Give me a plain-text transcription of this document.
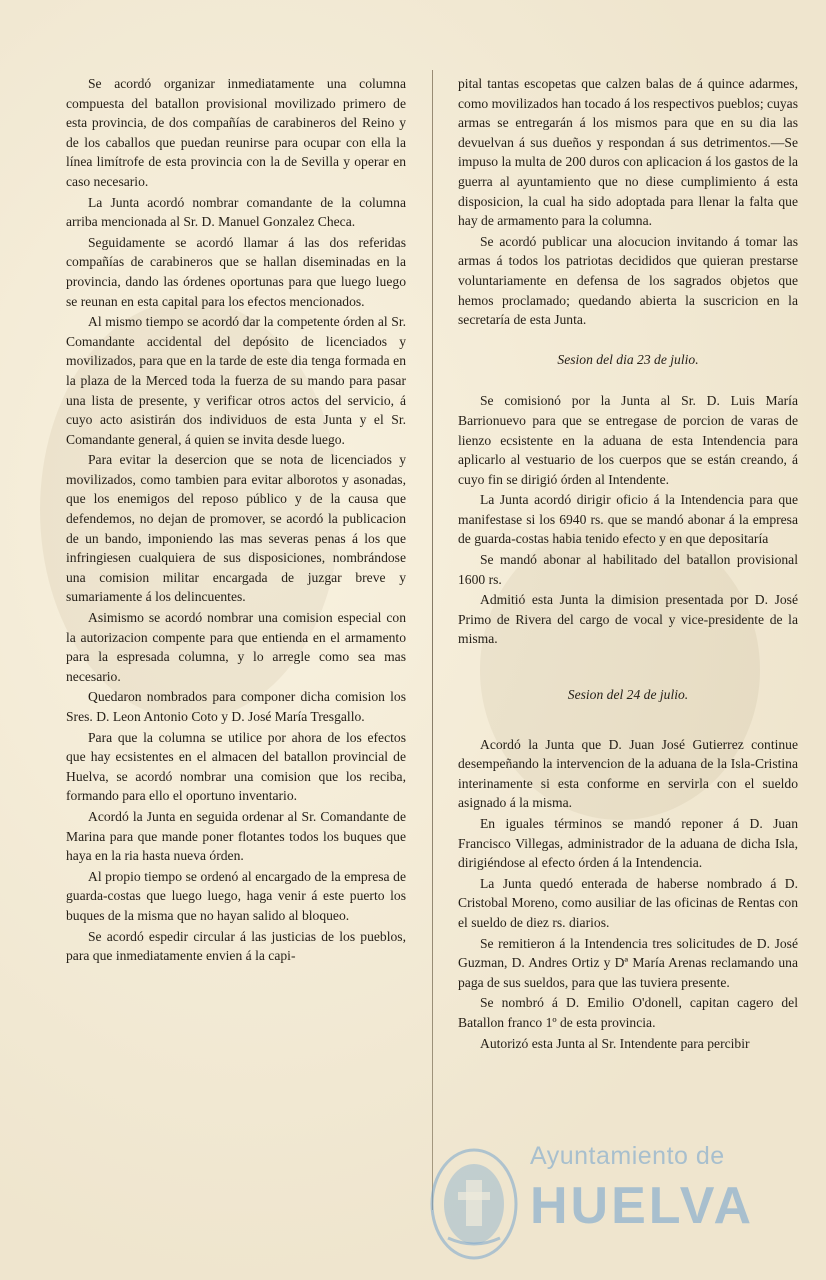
Se acordó organizar inmediatamente una columna compuesta del batallon provisional movilizado primero de esta provincia, de dos compañías de carabineros del Reino y de los caballos que puedan reunirse para ocupar con ella la línea limítrofe de esta provincia con la de Sevilla y operar en caso necesario.

La Junta acordó nombrar comandante de la columna arriba mencionada al Sr. D. Manuel Gonzalez Checa.

Seguidamente se acordó llamar á las dos referidas compañías de carabineros que se hallan diseminadas en la provincia, dando las órdenes oportunas para que luego luego se reunan en esta capital para los efectos mencionados.

Al mismo tiempo se acordó dar la competente órden al Sr. Comandante accidental del depósito de licenciados y movilizados, para que en la tarde de este dia tenga formada en la plaza de la Merced toda la fuerza de su mando para pasar una lista de presente, y verificar otros actos del servicio, á cuyo acto asistirán dos individuos de esta Junta y el Sr. Comandante general, á quien se invita desde luego.

Para evitar la desercion que se nota de licenciados y movilizados, como tambien para evitar alborotos y asonadas, que los enemigos del reposo público y de la causa que defendemos, no dejan de promover, se acordó la publicacion de un bando, imponiendo las mas severas penas á los que infringiesen cualquiera de sus disposiciones, nombrándose una comision militar encargada de juzgar breve y sumariamente á los delincuentes.

Asimismo se acordó nombrar una comision especial con la autorizacion compente para que entienda en el armamento para la espresada columna, y lo arregle como sea mas necesario.

Quedaron nombrados para componer dicha comision los Sres. D. Leon Antonio Coto y D. José María Tresgallo.

Para que la columna se utilice por ahora de los efectos que hay ecsistentes en el almacen del batallon provincial de Huelva, se acordó nombrar una comision que los reciba, formando para ello el oportuno inventario.

Acordó la Junta en seguida ordenar al Sr. Comandante de Marina para que mande poner flotantes todos los buques que haya en la ria hasta nueva órden.

Al propio tiempo se ordenó al encargado de la empresa de guarda-costas que luego luego, haga venir á este puerto los buques de la misma que no hayan salido al bloqueo.

Se acordó espedir circular á las justicias de los pueblos, para que inmediatamente envien á la capi-

pital tantas escopetas que calzen balas de á quince adarmes, como movilizados han tocado á los respectivos pueblos; cuyas armas se entregarán á los mismos para que en su dia las devuelvan á sus dueños y respondan á sus detrimentos.—Se impuso la multa de 200 duros con aplicacion á los gastos de la guerra al ayuntamiento que no diese cumplimiento á esta disposicion, la cual ha sido adoptada para llenar la falta que hay de armamento para la columna.

Se acordó publicar una alocucion invitando á tomar las armas á todos los patriotas decididos que quieran prestarse voluntariamente en defensa de los sagrados objetos que hemos proclamado; quedando abierta la suscricion en la secretaría de esta Junta.

Sesion del dia 23 de julio.

Se comisionó por la Junta al Sr. D. Luis María Barrionuevo para que se entregase de porcion de varas de lienzo ecsistente en la aduana de esta Intendencia para aplicarlo al vestuario de los cuerpos que se están creando, á cuyo fin se dirigió órden al Intendente.

La Junta acordó dirigir oficio á la Intendencia para que manifestase si los 6940 rs. que se mandó abonar á la empresa de guarda-costas habia tenido efecto y en que depositaría

Se mandó abonar al habilitado del batallon provisional 1600 rs.

Admitió esta Junta la dimision presentada por D. José Primo de Rivera del cargo de vocal y vice-presidente de la misma.

Sesion del 24 de julio.

Acordó la Junta que D. Juan José Gutierrez continue desempeñando la intervencion de la aduana de la Isla-Cristina interinamente si esta conforme en servirla con el sueldo asignado á la misma.

En iguales términos se mandó reponer á D. Juan Francisco Villegas, administrador de la aduana de dicha Isla, dirigiéndose al efecto órden á la Intendencia.

La Junta quedó enterada de haberse nombrado á D. Cristobal Moreno, como ausiliar de las oficinas de Rentas con el sueldo de diez rs. diarios.

Se remitieron á la Intendencia tres solicitudes de D. José Guzman, D. Andres Ortiz y Dª María Arenas reclamando una paga de sus sueldos, para que las tuviera presente.

Se nombró á D. Emilio O'donell, capitan cagero del Batallon franco 1º de esta provincia.

Autorizó esta Junta al Sr. Intendente para percibir

Ayuntamiento de
HUELVA
